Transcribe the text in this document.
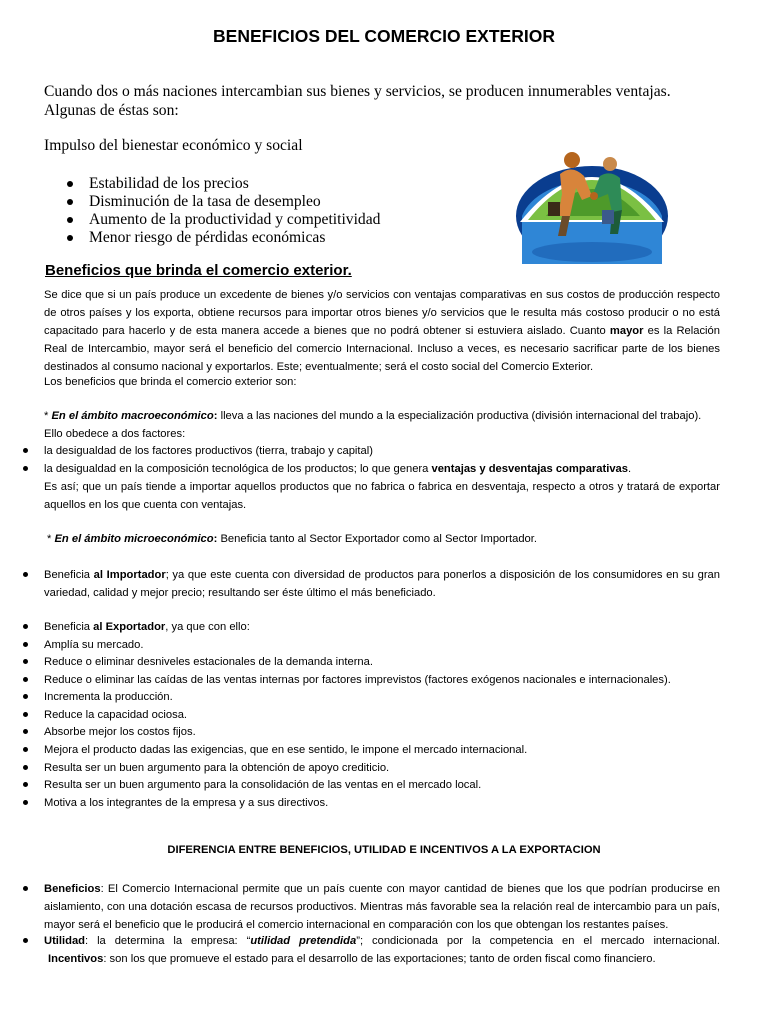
BENEFICIOS DEL COMERCIO EXTERIOR
Cuando dos o más naciones intercambian sus bienes y servicios, se producen innumerables ventajas. Algunas de éstas son:
Impulso del bienestar económico y social
Estabilidad de los precios
Disminución de la tasa de desempleo
Aumento de la productividad y competitividad
Menor riesgo de pérdidas económicas
Beneficios que brinda el comercio exterior.
Se dice que si un país produce un excedente de bienes y/o servicios con ventajas comparativas en sus costos de producción respecto de otros países y los exporta, obtiene recursos para importar otros bienes y/o servicios que le resulta más costoso producir o no está capacitado para hacerlo y de esta manera accede a bienes que no podrá obtener si estuviera aislado. Cuanto mayor es la Relación Real de Intercambio, mayor será el beneficio del comercio Internacional. Incluso a veces, es necesario sacrificar parte de los bienes destinados al consumo nacional y exportarlos. Este; eventualmente; será el costo social del Comercio Exterior.
Los beneficios que brinda el comercio exterior son:
* En el ámbito macroeconómico: lleva a las naciones del mundo a la especialización productiva (división internacional del trabajo).
Ello obedece a dos factores:
la desigualdad de los factores productivos (tierra, trabajo y capital)
la desigualdad en la composición tecnológica de los productos; lo que genera ventajas y desventajas comparativas.
Es así; que un país tiende a importar aquellos productos que no fabrica o fabrica en desventaja, respecto a otros y tratará de exportar aquellos en los que cuenta con ventajas.
* En el ámbito microeconómico: Beneficia tanto al Sector Exportador como al Sector Importador.
Beneficia al Importador; ya que este cuenta con diversidad de productos para ponerlos a disposición de los consumidores en su gran variedad, calidad y mejor precio; resultando ser éste último el más beneficiado.
Beneficia al Exportador, ya que con ello:
Amplía su mercado.
Reduce o eliminar desniveles estacionales de la demanda interna.
Reduce o eliminar las caídas de las ventas internas por factores imprevistos (factores exógenos nacionales e internacionales).
Incrementa la producción.
Reduce la capacidad ociosa.
Absorbe mejor los costos fijos.
Mejora el producto dadas las exigencias, que en ese sentido, le impone el mercado internacional.
Resulta ser un buen argumento para la obtención de apoyo crediticio.
Resulta ser un buen argumento para la consolidación de las ventas en el mercado local.
Motiva a los integrantes de la empresa y a sus directivos.
DIFERENCIA ENTRE BENEFICIOS, UTILIDAD E INCENTIVOS A LA EXPORTACION
Beneficios: El Comercio Internacional permite que un país cuente con mayor cantidad de bienes que los que podrían producirse en aislamiento, con una dotación escasa de recursos productivos. Mientras más favorable sea la relación real de intercambio para un país, mayor será el beneficio que le producirá el comercio internacional en comparación con los que obtengan los restantes países.
Utilidad: la determina la empresa: “utilidad pretendida”; condicionada por la competencia en el mercado internacional.
Incentivos: son los que promueve el estado para el desarrollo de las exportaciones; tanto de orden fiscal como financiero.
